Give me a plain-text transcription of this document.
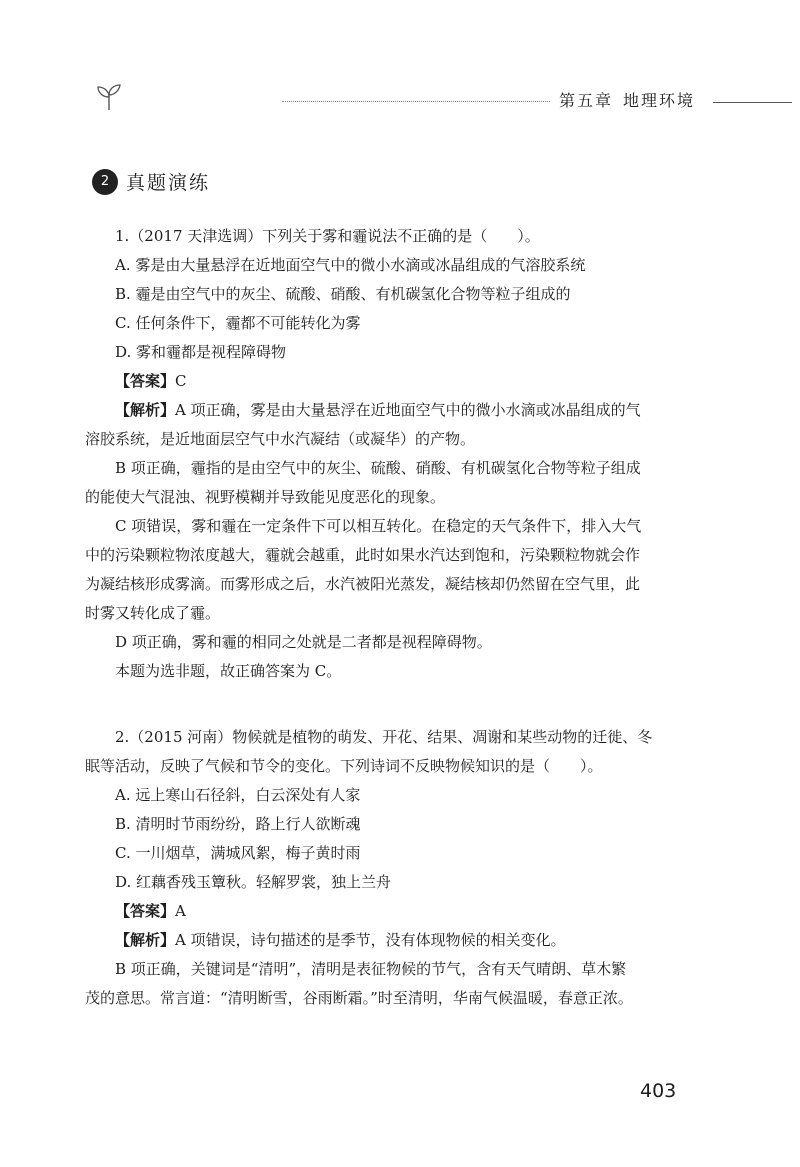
第五章 地理环境
2 真题演练
1.（2017 天津选调）下列关于雾和霾说法不正确的是（　　）。
A. 雾是由大量悬浮在近地面空气中的微小水滴或冰晶组成的气溶胶系统
B. 霾是由空气中的灰尘、硫酸、硝酸、有机碳氢化合物等粒子组成的
C. 任何条件下，霾都不可能转化为雾
D. 雾和霾都是视程障碍物
【答案】C
【解析】A 项正确，雾是由大量悬浮在近地面空气中的微小水滴或冰晶组成的气
溶胶系统，是近地面层空气中水汽凝结（或凝华）的产物。
B 项正确，霾指的是由空气中的灰尘、硫酸、硝酸、有机碳氢化合物等粒子组成
的能使大气混浊、视野模糊并导致能见度恶化的现象。
C 项错误，雾和霾在一定条件下可以相互转化。在稳定的天气条件下，排入大气
中的污染颗粒物浓度越大，霾就会越重，此时如果水汽达到饱和，污染颗粒物就会作
为凝结核形成雾滴。而雾形成之后，水汽被阳光蒸发，凝结核却仍然留在空气里，此
时雾又转化成了霾。
D 项正确，雾和霾的相同之处就是二者都是视程障碍物。
本题为选非题，故正确答案为 C。
2.（2015 河南）物候就是植物的萌发、开花、结果、凋谢和某些动物的迁徙、冬
眠等活动，反映了气候和节令的变化。下列诗词不反映物候知识的是（　　）。
A. 远上寒山石径斜，白云深处有人家
B. 清明时节雨纷纷，路上行人欲断魂
C. 一川烟草，满城风絮，梅子黄时雨
D. 红藕香残玉簟秋。轻解罗裳，独上兰舟
【答案】A
【解析】A 项错误，诗句描述的是季节，没有体现物候的相关变化。
B 项正确，关键词是“清明”，清明是表征物候的节气，含有天气晴朗、草木繁
茂的意思。常言道：“清明断雪，谷雨断霜。”时至清明，华南气候温暖，春意正浓。
403
